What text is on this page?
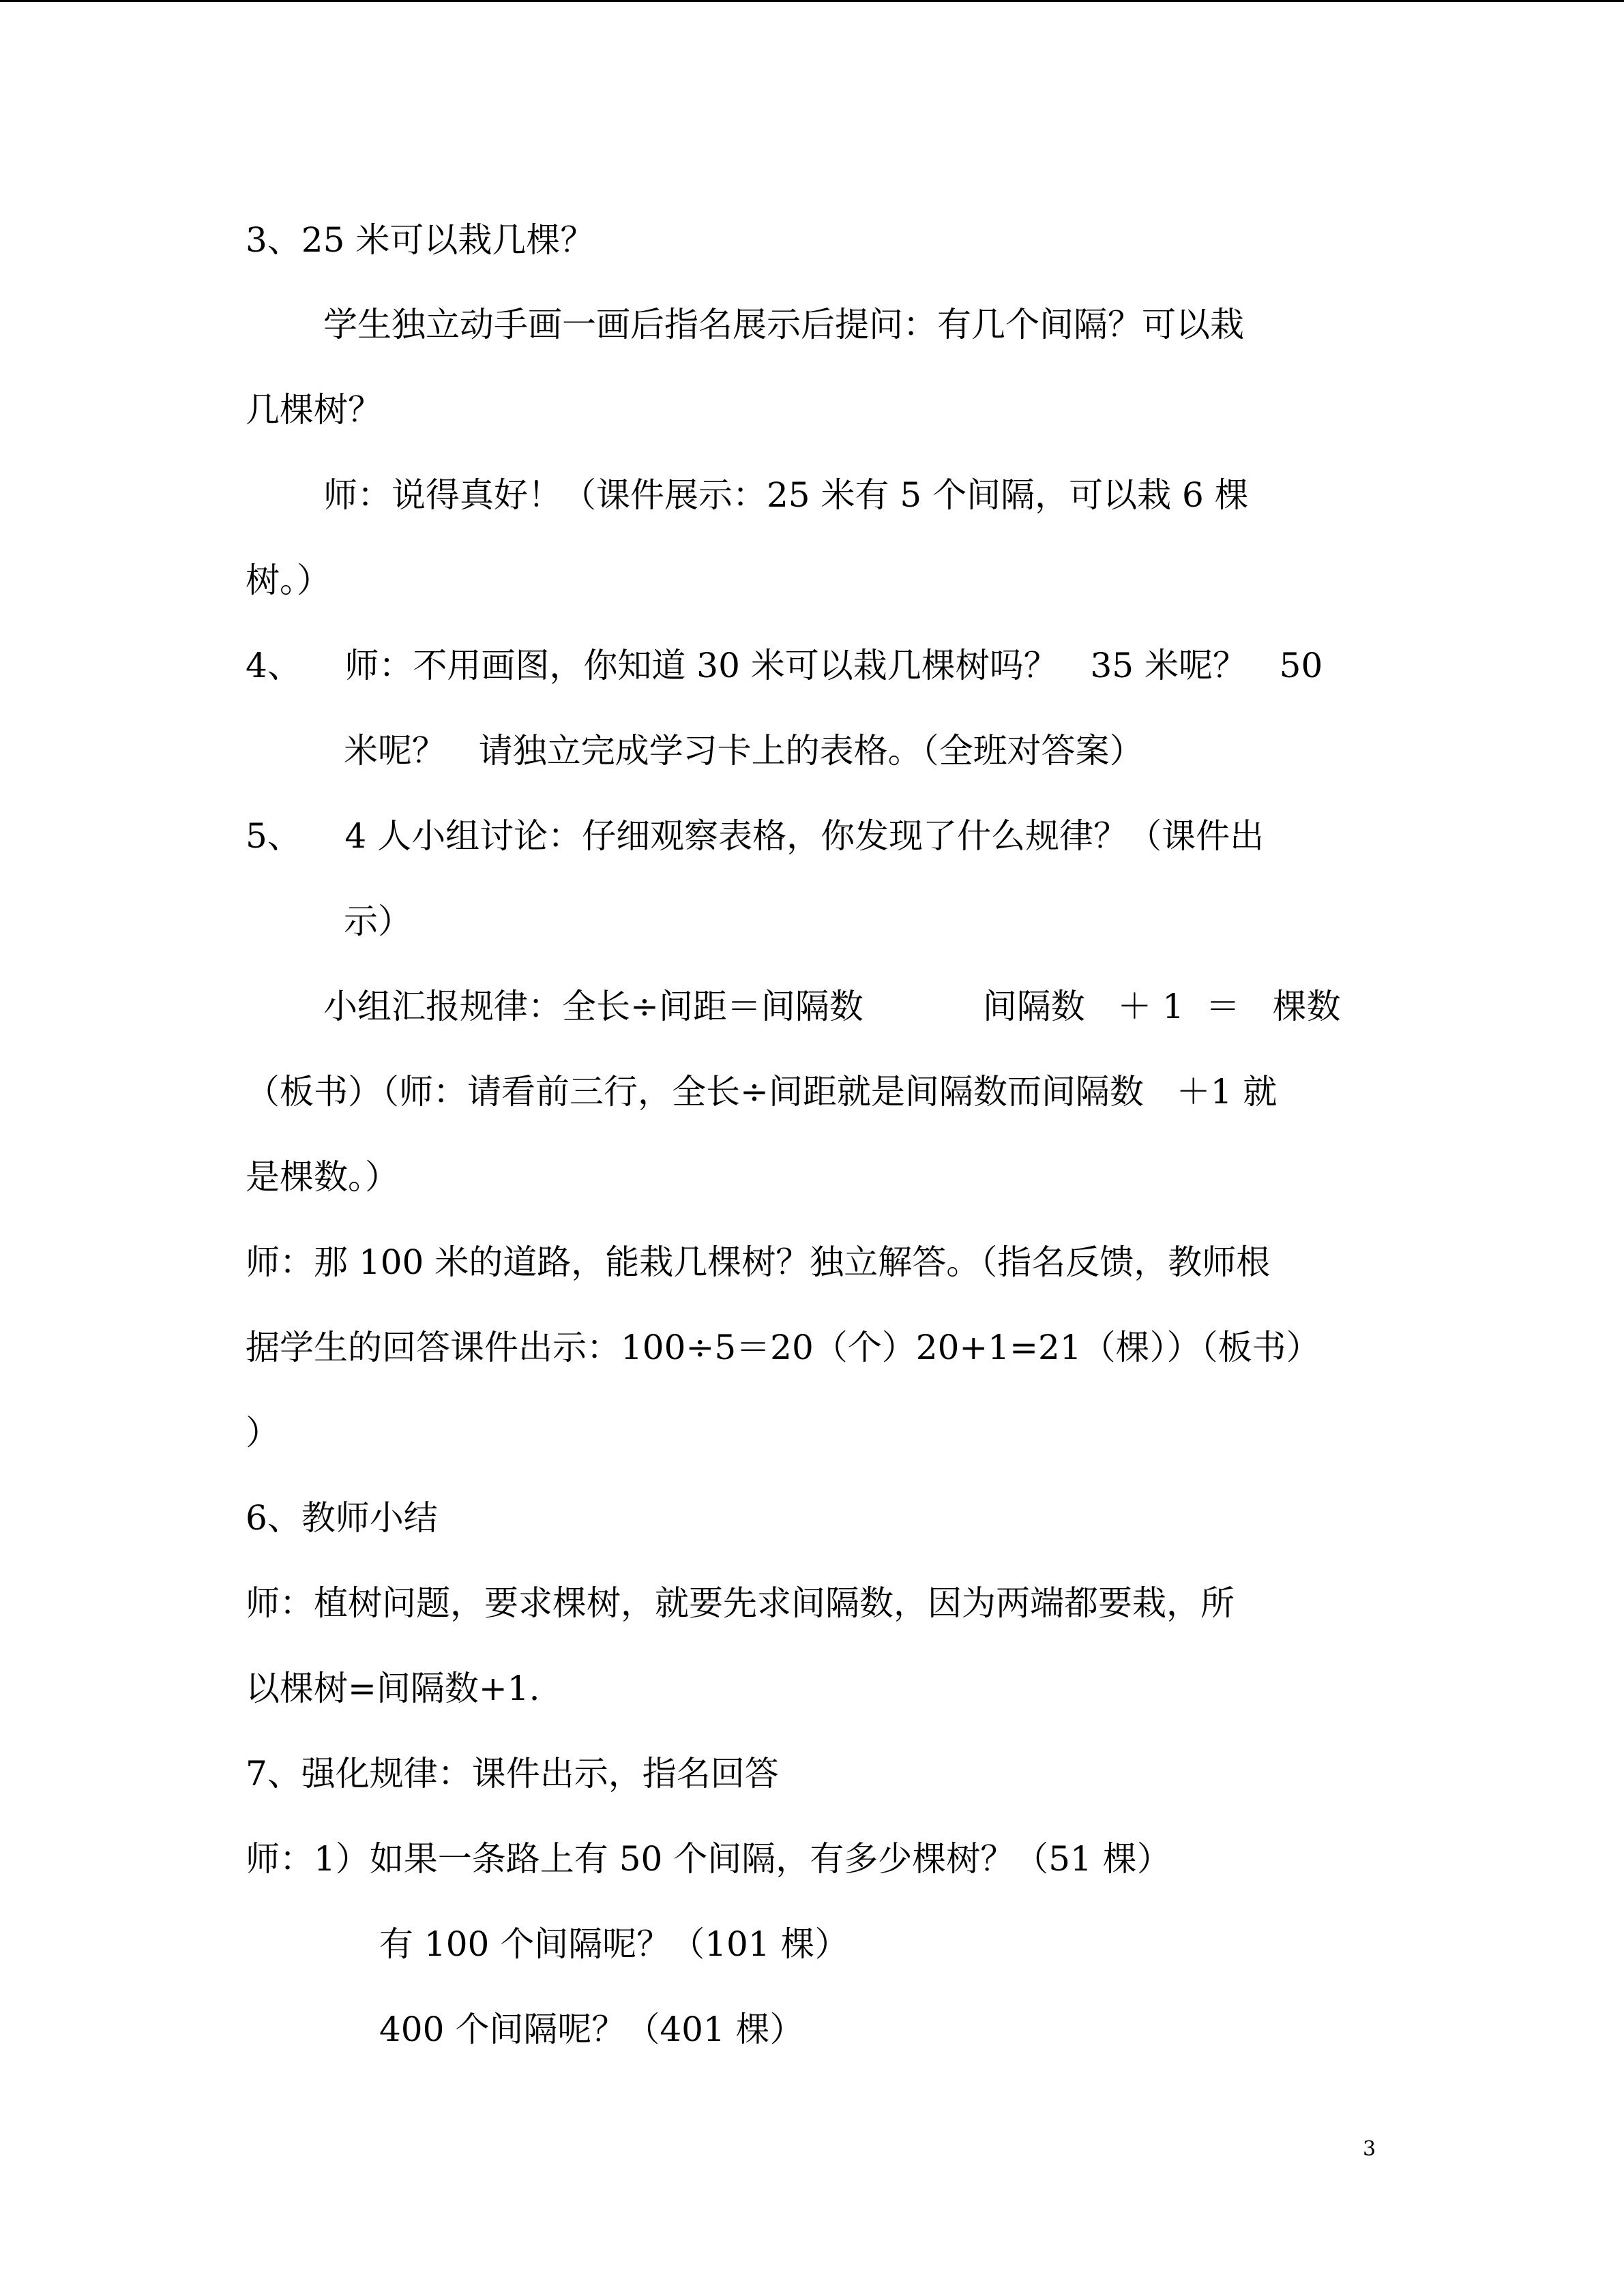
3、25 米可以栽几棵？

学生独立动手画一画后指名展示后提问：有几个间隔？可以栽

几棵树？

师：说得真好！（课件展示：25 米有 5 个间隔，可以栽 6 棵

树。）

4、    师：不用画图，你知道 30 米可以栽几棵树吗？   35 米呢？   50

米呢？   请独立完成学习卡上的表格。（全班对答案）

5、    4 人小组讨论：仔细观察表格，你发现了什么规律？（课件出

示）

小组汇报规律：全长÷间距＝间隔数           间隔数   ＋ 1  ＝   棵数

（板书）（师：请看前三行，全长÷间距就是间隔数而间隔数   ＋1 就

是棵数。）

师：那 100 米的道路，能栽几棵树？独立解答。（指名反馈，教师根

据学生的回答课件出示：100÷5＝20（个）20+1=21（棵））（板书）

）

6、教师小结

师：植树问题，要求棵树，就要先求间隔数，因为两端都要栽，所

以棵树=间隔数+1.

7、强化规律：课件出示，指名回答

师：1）如果一条路上有 50 个间隔，有多少棵树？（51 棵）

有 100 个间隔呢？（101 棵）

400 个间隔呢？（401 棵）

3
